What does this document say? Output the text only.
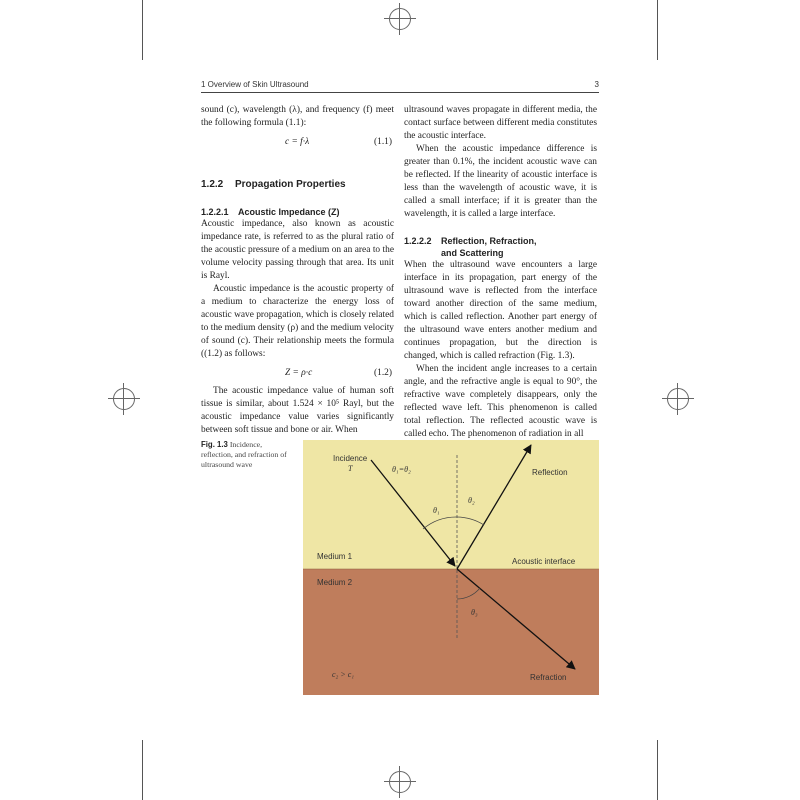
1 Overview of Skin Ultrasound	3

sound (c), wavelength (λ), and frequency (f) meet the following formula (1.1):

c = f·λ	(1.1)
1.2.2 Propagation Properties
1.2.2.1 Acoustic Impedance (Z)

Acoustic impedance, also known as acoustic impedance rate, is referred to as the plural ratio of the acoustic pressure of a medium on an area to the volume velocity passing through that area. Its unit is Rayl.

Acoustic impedance is the acoustic property of a medium to characterize the energy loss of acoustic wave propagation, which is closely related to the medium density (ρ) and the medium velocity of sound (c). Their relationship meets the formula ((1.2) as follows:

Z = ρ·c	(1.2)

The acoustic impedance value of human soft tissue is similar, about 1.524 × 10⁵ Rayl, but the acoustic impedance value varies significantly between soft tissue and bone or air. When

ultrasound waves propagate in different media, the contact surface between different media constitutes the acoustic interface.

When the acoustic impedance difference is greater than 0.1%, the incident acoustic wave can be reflected. If the linearity of acoustic interface is less than the wavelength of acoustic wave, it is called a small interface; if it is greater than the wavelength, it is called a large interface.

1.2.2.2 Reflection, Refraction,
and Scattering

When the ultrasound wave encounters a large interface in its propagation, part energy of the ultrasound wave is reflected from the interface toward another direction of the same medium, which is called reflection. Another part energy of the ultrasound wave enters another medium and continues propagation, but the direction is changed, which is called refraction (Fig. 1.3).

When the incident angle increases to a certain angle, and the refractive angle is equal to 90°, the refractive wave completely disappears, only the reflected wave left. This phenomenon is called total reflection. The reflected acoustic wave is called echo. The phenomenon of radiation in all

Fig. 1.3 Incidence, reflection, and refraction of ultrasound wave
Incidence
T	θ₁=θ₂
θ₁
θ₂
θ₃
Reflection
Medium 1
Acoustic interface
Medium 2
c₂ > c₁	Refraction
